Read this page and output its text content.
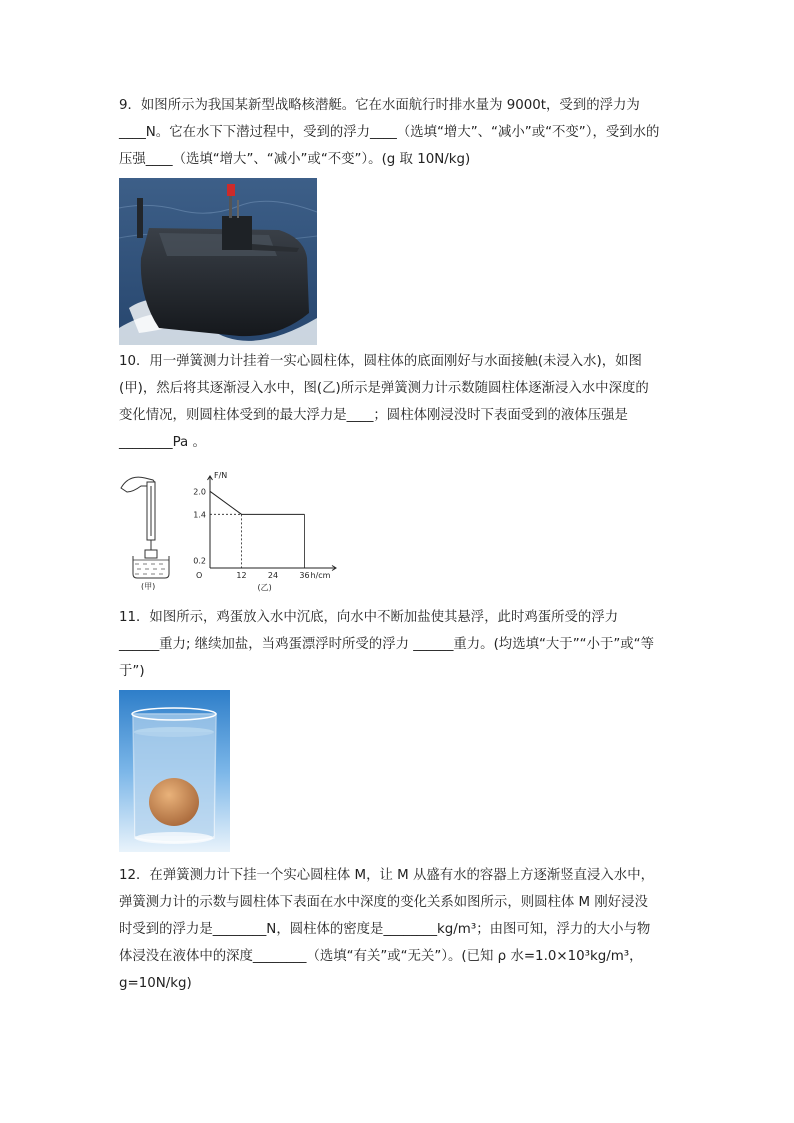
9．如图所示为我国某新型战略核潜艇。它在水面航行时排水量为 9000t，受到的浮力为

____N。它在水下下潜过程中，受到的浮力____（选填“增大”、“减小”或“不变”），受到水的

压强____（选填“增大”、“减小”或“不变”）。(g 取 10N/kg)

10．用一弹簧测力计挂着一实心圆柱体，圆柱体的底面刚好与水面接触(未浸入水)，如图

(甲)，然后将其逐渐浸入水中，图(乙)所示是弹簧测力计示数随圆柱体逐渐浸入水中深度的

变化情况，则圆柱体受到的最大浮力是____；圆柱体刚浸没时下表面受到的液体压强是

________Pa 。

(甲)
F/N
h/cm
O
(乙)
12	24	36
0.2
1.4
2.0

11．如图所示，鸡蛋放入水中沉底，向水中不断加盐使其悬浮，此时鸡蛋所受的浮力

______重力; 继续加盐，当鸡蛋漂浮时所受的浮力 ______重力。(均选填“大于”“小于”或“等

于”)

12．在弹簧测力计下挂一个实心圆柱体 M，让 M 从盛有水的容器上方逐渐竖直浸入水中，

弹簧测力计的示数与圆柱体下表面在水中深度的变化关系如图所示，则圆柱体 M 刚好浸没

时受到的浮力是________N，圆柱体的密度是________kg/m³；由图可知，浮力的大小与物

体浸没在液体中的深度________（选填“有关”或“无关”）。(已知 ρ 水=1.0×10³kg/m³，

g=10N/kg)
